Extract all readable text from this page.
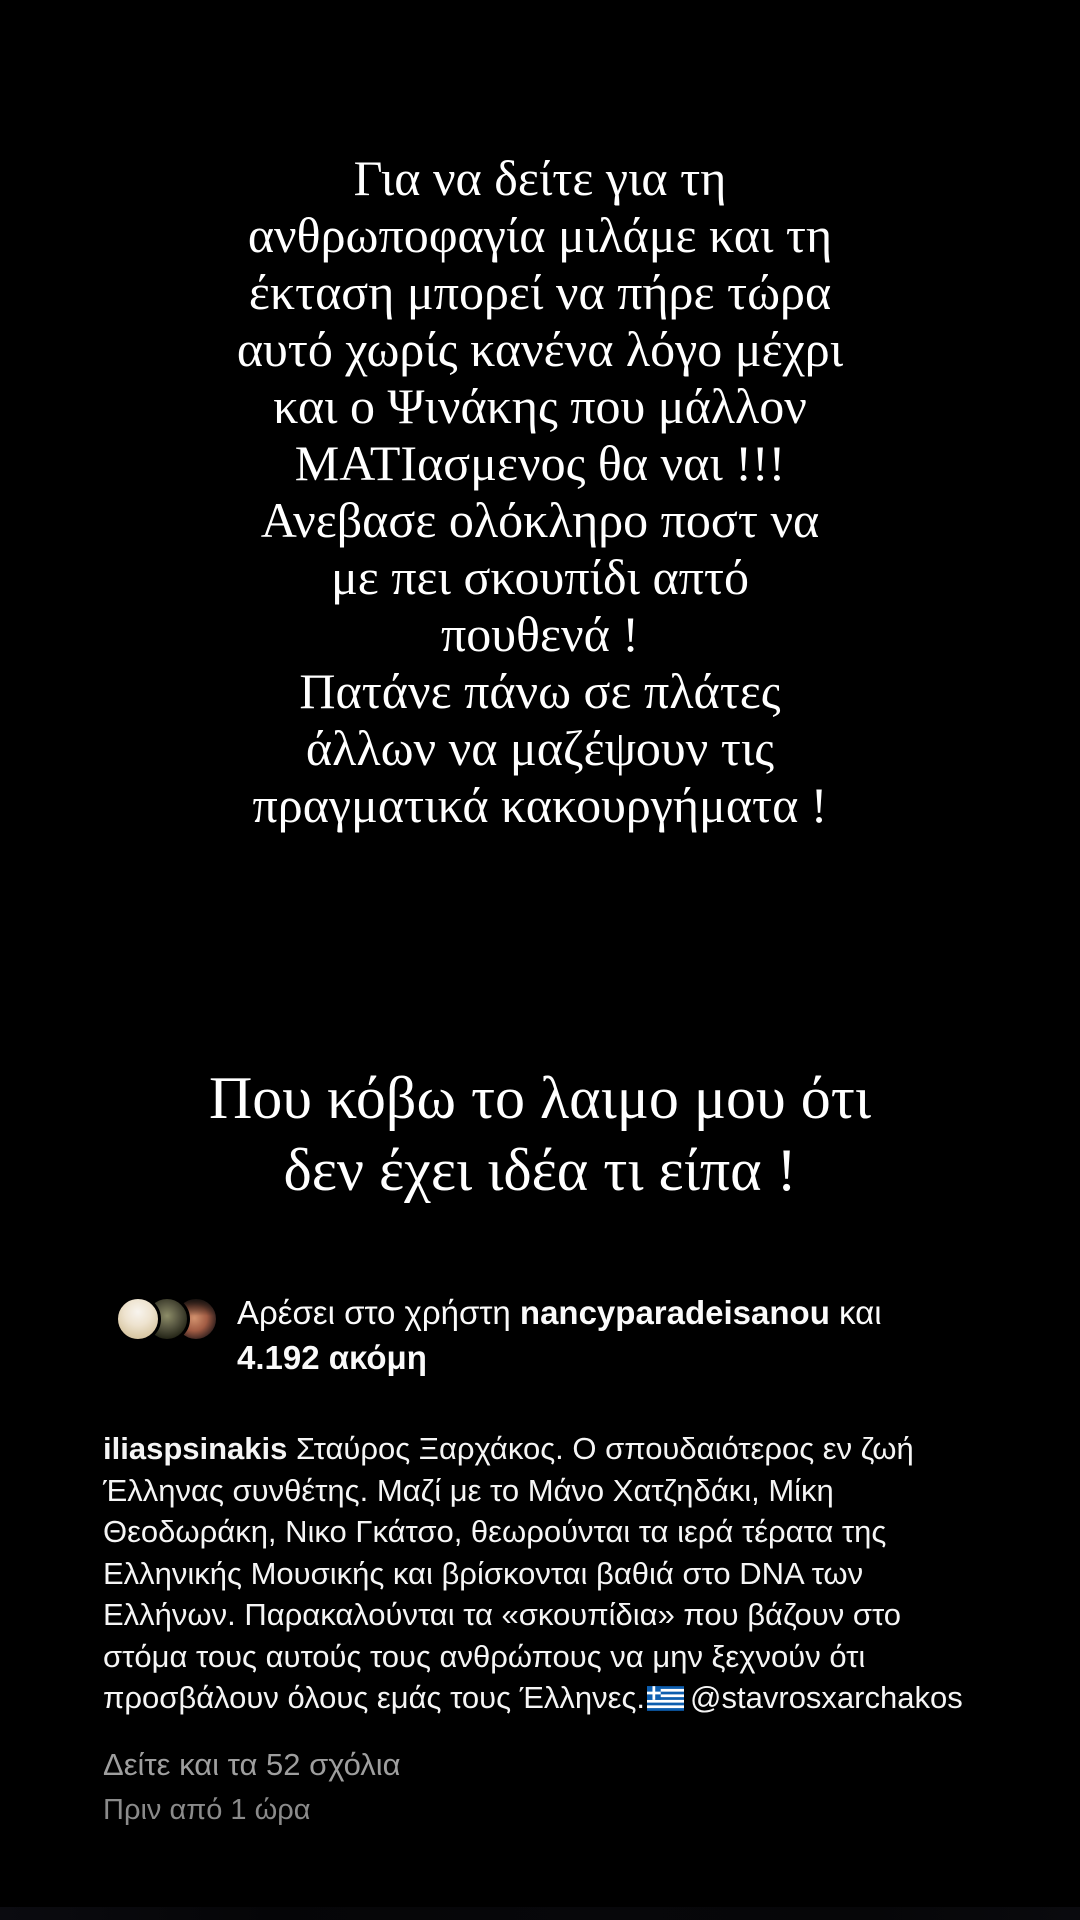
Για να δείτε για τη
ανθρωποφαγία μιλάμε και τη
έκταση μπορεί να πήρε τώρα
αυτό χωρίς κανένα λόγο μέχρι
και ο Ψινάκης που μάλλον
ΜΑΤΙασμενος θα ναι !!!
Ανεβασε ολόκληρο ποστ να
με πει σκουπίδι απτό
πουθενά !
Πατάνε πάνω σε πλάτες
άλλων να μαζέψουν τις
πραγματικά κακουργήματα !
Που κόβω το λαιμο μου ότι
δεν έχει ιδέα τι είπα !
Αρέσει στο χρήστη nancyparadeisanou και
4.192 ακόμη
iliaspsinakis Σταύρος Ξαρχάκος. Ο σπουδαιότερος εν ζωή Έλληνας συνθέτης. Μαζί με το Μάνο Χατζηδάκι, Μίκη Θεοδωράκη, Νικο Γκάτσο, θεωρούνται τα ιερά τέρατα της Ελληνικής Μουσικής και βρίσκονται βαθιά στο DNA των Ελλήνων. Παρακαλούνται τα «σκουπίδια» που βάζουν στο στόμα τους αυτούς τους ανθρώπους να μην ξεχνούν ότι προσβάλουν όλους εμάς τους Έλληνες. @stavrosxarchakos
Δείτε και τα 52 σχόλια
Πριν από 1 ώρα
